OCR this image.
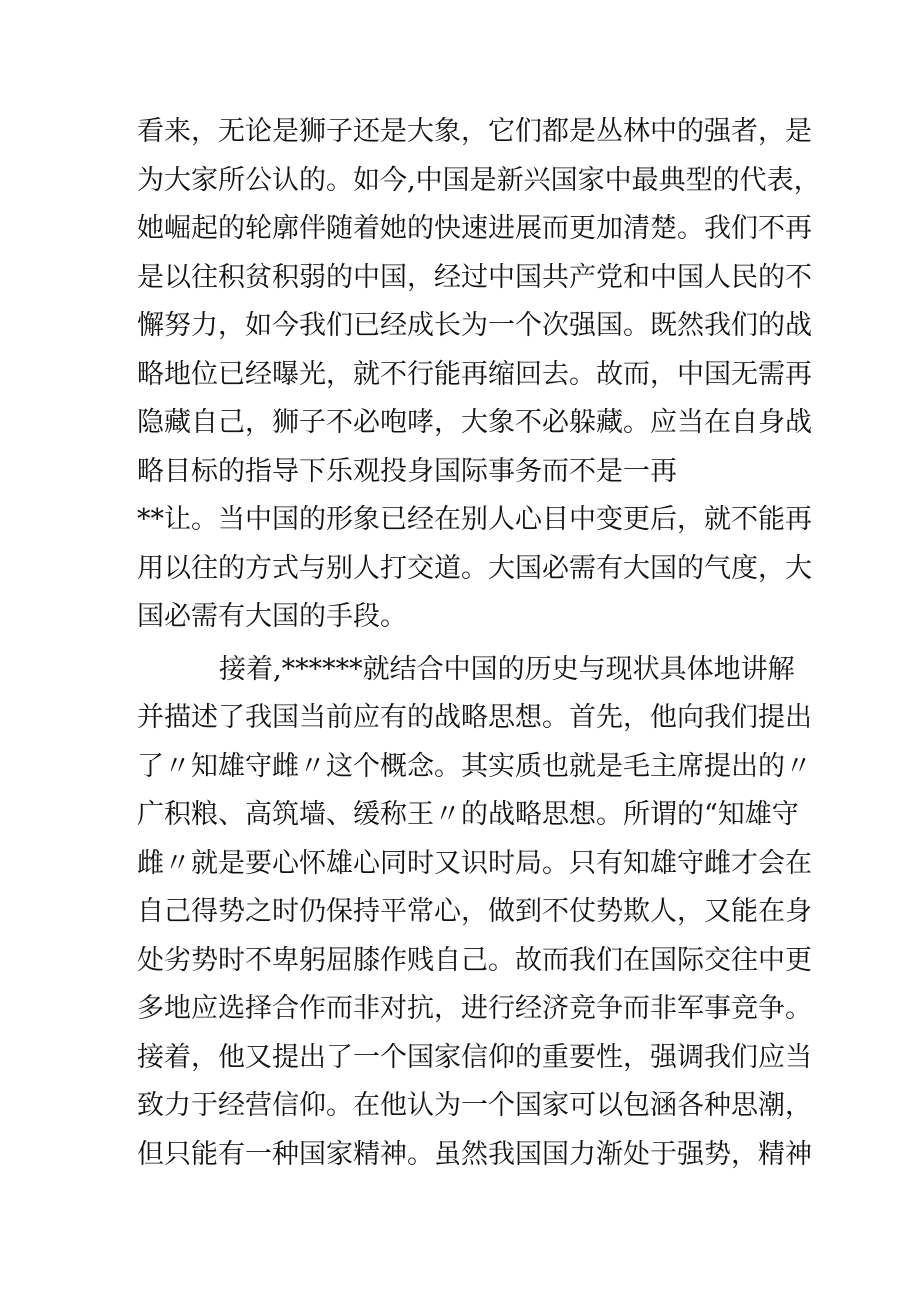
看来，无论是狮子还是大象，它们都是丛林中的强者，是
为大家所公认的。如今,中国是新兴国家中最典型的代表，
她崛起的轮廓伴随着她的快速进展而更加清楚。我们不再
是以往积贫积弱的中国，经过中国共产党和中国人民的不
懈努力，如今我们已经成长为一个次强国。既然我们的战
略地位已经曝光，就不行能再缩回去。故而，中国无需再
隐藏自己，狮子不必咆哮，大象不必躲藏。应当在自身战
略目标的指导下乐观投身国际事务而不是一再
**让。当中国的形象已经在别人心目中变更后，就不能再
用以往的方式与别人打交道。大国必需有大国的气度，大
国必需有大国的手段。
接着,******就结合中国的历史与现状具体地讲解
并描述了我国当前应有的战略思想。首先，他向我们提出
了〃知雄守雌〃这个概念。其实质也就是毛主席提出的〃
广积粮、高筑墙、缓称王〃的战略思想。所谓的“知雄守
雌〃就是要心怀雄心同时又识时局。只有知雄守雌才会在
自己得势之时仍保持平常心，做到不仗势欺人，又能在身
处劣势时不卑躬屈膝作贱自己。故而我们在国际交往中更
多地应选择合作而非对抗，进行经济竞争而非军事竞争。
接着，他又提出了一个国家信仰的重要性，强调我们应当
致力于经营信仰。在他认为一个国家可以包涵各种思潮，
但只能有一种国家精神。虽然我国国力渐处于强势，精神
